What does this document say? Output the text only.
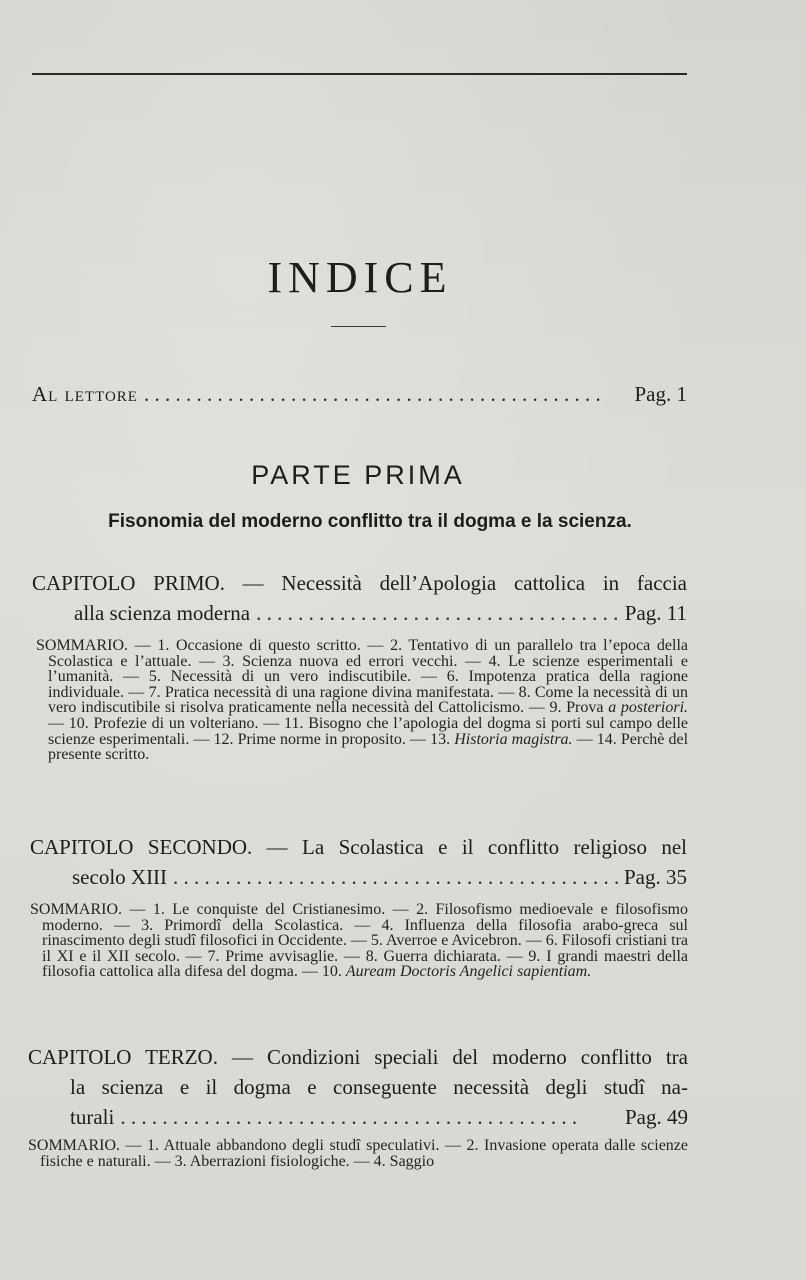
INDICE
Al lettore . . .	Pag. 1
PARTE PRIMA
Fisonomia del moderno conflitto tra il dogma e la scienza.
CAPITOLO PRIMO. — Necessità dell’Apologia cattolica in faccia
alla scienza moderna . . .	Pag. 11
SOMMARIO. — 1. Occasione di questo scritto. — 2. Tentativo di un parallelo tra l’epoca della Scolastica e l’attuale. — 3. Scienza nuova ed errori vecchi. — 4. Le scienze esperimentali e l’umanità. — 5. Necessità di un vero indiscutibile. — 6. Impotenza pratica della ragione individuale. — 7. Pratica necessità di una ragione divina manifestata. — 8. Come la necessità di un vero indiscutibile si risolva praticamente nella necessità del Cattolicismo. — 9. Prova a posteriori. — 10. Profezie di un volteriano. — 11. Bisogno che l’apologia del dogma si porti sul campo delle scienze esperimentali. — 12. Prime norme in proposito. — 13. Historia magistra. — 14. Perchè del presente scritto.
CAPITOLO SECONDO. — La Scolastica e il conflitto religioso nel
secolo XIII . . .	Pag. 35
SOMMARIO. — 1. Le conquiste del Cristianesimo. — 2. Filosofismo medioevale e filosofismo moderno. — 3. Primordî della Scolastica. — 4. Influenza della filosofia arabo-greca sul rinascimento degli studî filosofici in Occidente. — 5. Averroe e Avicebron. — 6. Filosofi cristiani tra il XI e il XII secolo. — 7. Prime avvisaglie. — 8. Guerra dichiarata. — 9. I grandi maestri della filosofia cattolica alla difesa del dogma. — 10. Auream Doctoris Angelici sapientiam.
CAPITOLO TERZO. — Condizioni speciali del moderno conflitto tra
la scienza e il dogma e conseguente necessità degli studî na-
turali . . .	Pag. 49
SOMMARIO. — 1. Attuale abbandono degli studî speculativi. — 2. Invasione operata dalle scienze fisiche e naturali. — 3. Aberrazioni fisiologiche. — 4. Saggio
